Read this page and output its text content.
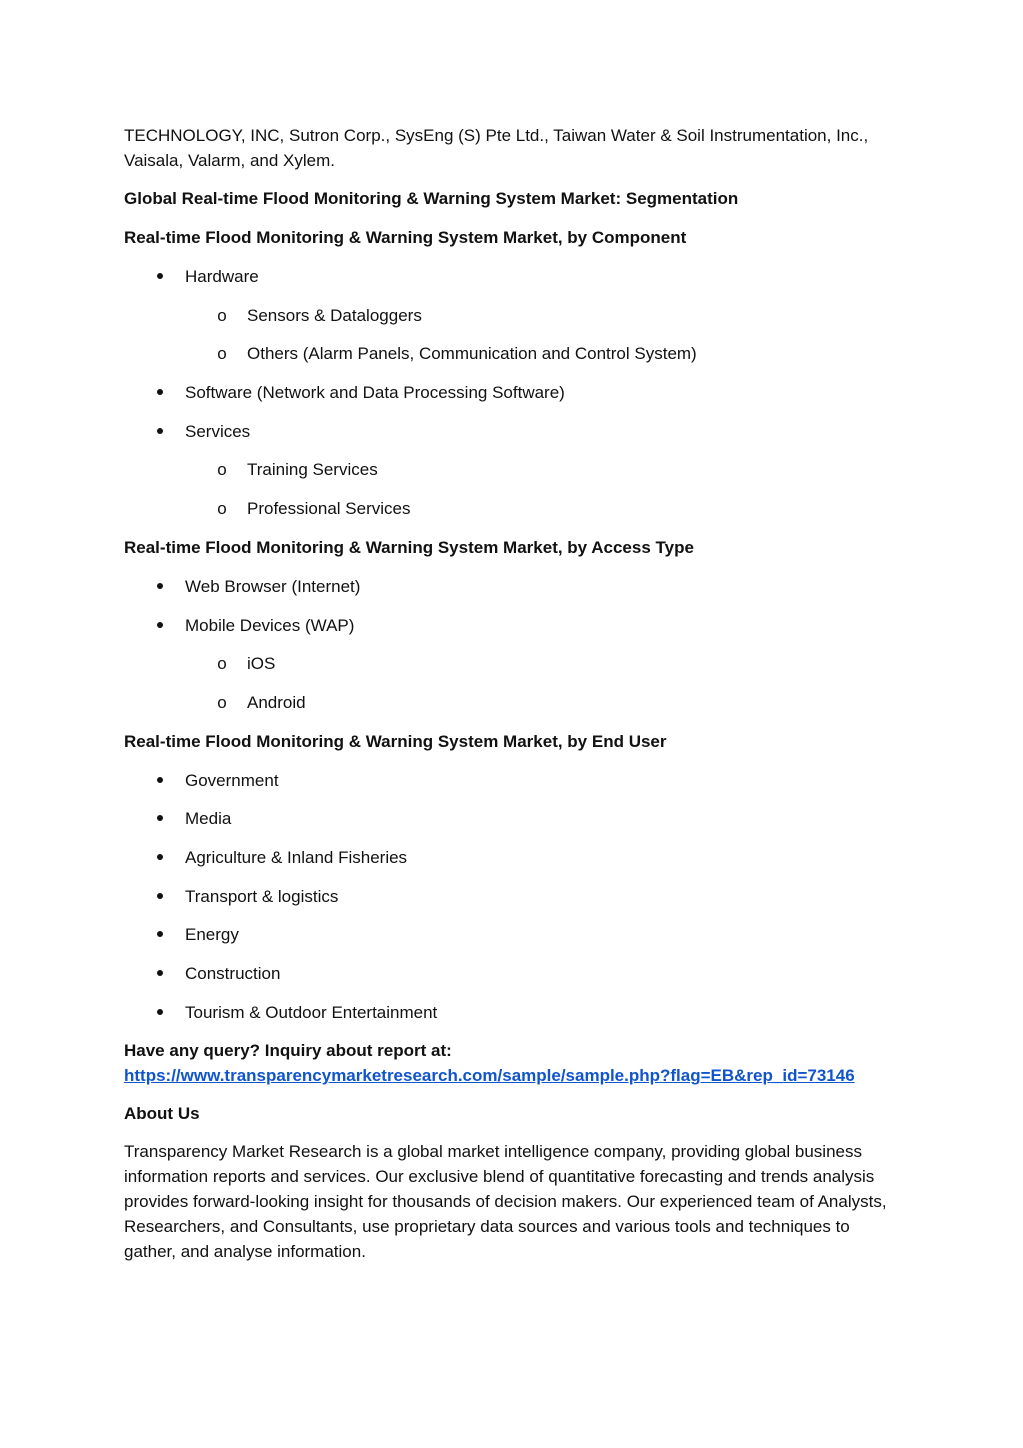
TECHNOLOGY, INC, Sutron Corp., SysEng (S) Pte Ltd., Taiwan Water & Soil Instrumentation, Inc., Vaisala, Valarm, and Xylem.

Global Real-time Flood Monitoring & Warning System Market: Segmentation

Real-time Flood Monitoring & Warning System Market, by Component

Hardware
o Sensors & Dataloggers
o Others (Alarm Panels, Communication and Control System)
Software (Network and Data Processing Software)
Services
o Training Services
o Professional Services

Real-time Flood Monitoring & Warning System Market, by Access Type

Web Browser (Internet)
Mobile Devices (WAP)
o iOS
o Android

Real-time Flood Monitoring & Warning System Market, by End User

Government
Media
Agriculture & Inland Fisheries
Transport & logistics
Energy
Construction
Tourism & Outdoor Entertainment

Have any query? Inquiry about report at:
https://www.transparencymarketresearch.com/sample/sample.php?flag=EB&rep_id=73146

About Us

Transparency Market Research is a global market intelligence company, providing global business information reports and services. Our exclusive blend of quantitative forecasting and trends analysis provides forward-looking insight for thousands of decision makers. Our experienced team of Analysts, Researchers, and Consultants, use proprietary data sources and various tools and techniques to gather, and analyse information.
